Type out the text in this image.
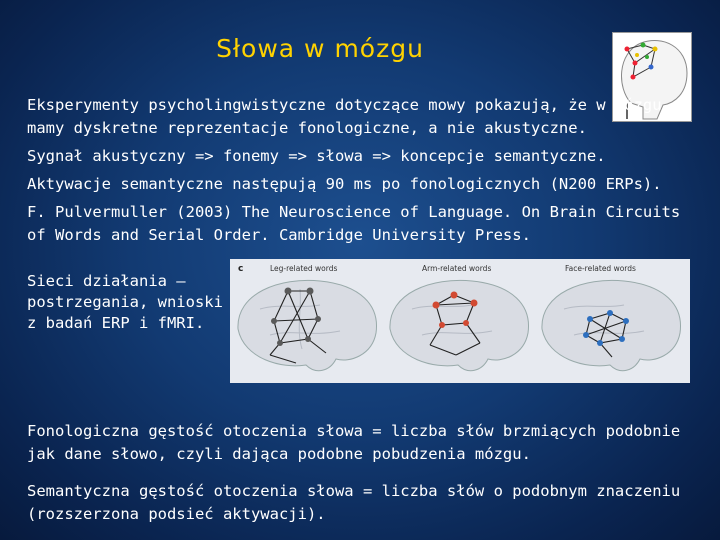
Słowa w mózgu

Eksperymenty psycholingwistyczne dotyczące mowy pokazują, że w mózgu mamy dyskretne reprezentacje fonologiczne, a nie akustyczne.

Sygnał akustyczny => fonemy => słowa => koncepcje semantyczne.

Aktywacje semantyczne następują 90 ms po fonologicznych (N200 ERPs).

F. Pulvermuller (2003) The Neuroscience of Language. On Brain Circuits of Words and Serial Order. Cambridge University Press.

Sieci działania – postrzegania, wnioski z badań ERP i fMRI.
c	Leg-related words	Arm-related words	Face-related words

Fonologiczna gęstość otoczenia słowa = liczba słów brzmiących podobnie jak dane słowo, czyli dająca podobne pobudzenia mózgu.

Semantyczna gęstość otoczenia słowa = liczba słów o podobnym znaczeniu (rozszerzona podsieć aktywacji).
